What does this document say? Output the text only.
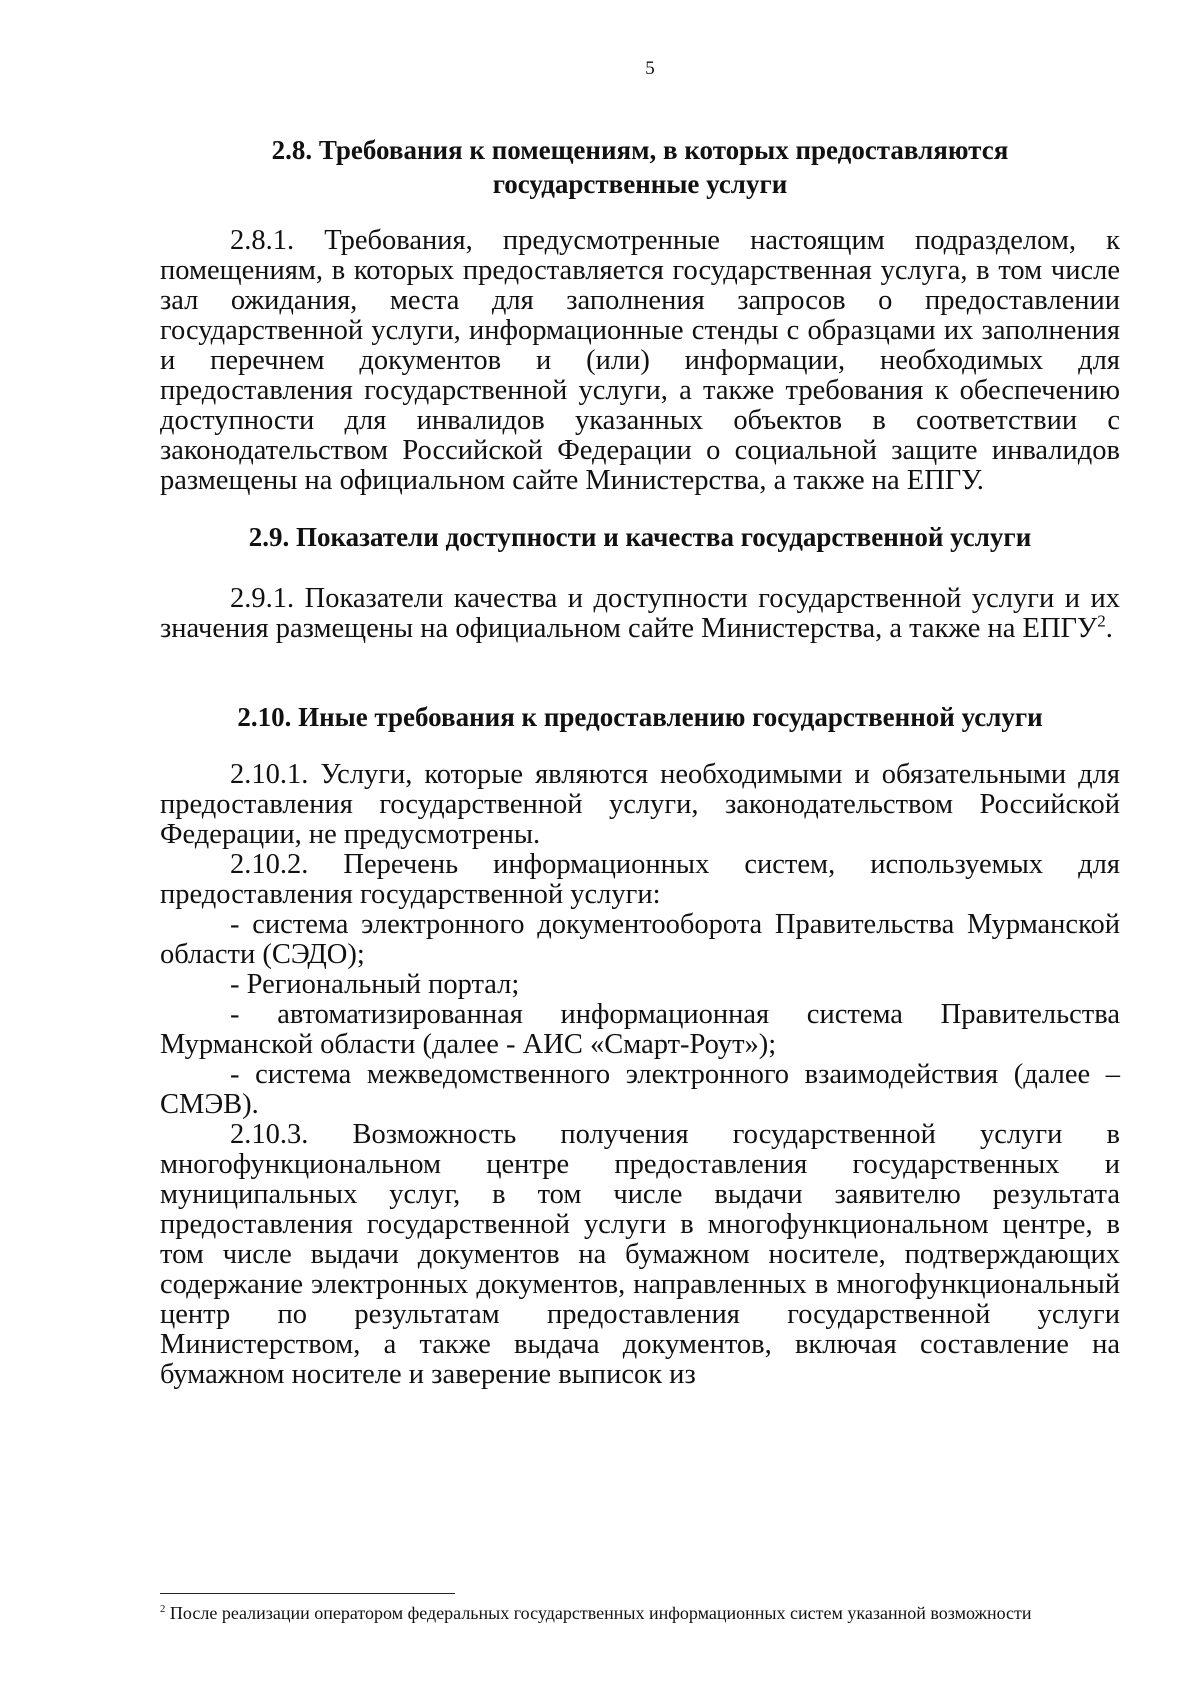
5
2.8. Требования к помещениям, в которых предоставляются
государственные услуги

2.8.1. Требования, предусмотренные настоящим подразделом, к помещениям, в которых предоставляется государственная услуга, в том числе зал ожидания, места для заполнения запросов о предоставлении государственной услуги, информационные стенды с образцами их заполнения и перечнем документов и (или) информации, необходимых для предоставления государственной услуги, а также требования к обеспечению доступности для инвалидов указанных объектов в соответствии с законодательством Российской Федерации о социальной защите инвалидов размещены на официальном сайте Министерства, а также на ЕПГУ.

2.9. Показатели доступности и качества государственной услуги

2.9.1. Показатели качества и доступности государственной услуги и их значения размещены на официальном сайте Министерства, а также на ЕПГУ$^2$.

2.10. Иные требования к предоставлению государственной услуги

2.10.1. Услуги, которые являются необходимыми и обязательными для предоставления государственной услуги, законодательством Российской Федерации, не предусмотрены.

2.10.2. Перечень информационных систем, используемых для предоставления государственной услуги:

- система электронного документооборота Правительства Мурманской области (СЭДО);

- Региональный портал;

- автоматизированная информационная система Правительства Мурманской области (далее - АИС «Смарт-Роут»);

- система межведомственного электронного взаимодействия (далее – СМЭВ).

2.10.3. Возможность получения государственной услуги в многофункциональном центре предоставления государственных и муниципальных услуг, в том числе выдачи заявителю результата предоставления государственной услуги в многофункциональном центре, в том числе выдачи документов на бумажном носителе, подтверждающих содержание электронных документов, направленных в многофункциональный центр по результатам предоставления государственной услуги Министерством, а также выдача документов, включая составление на бумажном носителе и заверение выписок из

$^2$ После реализации оператором федеральных государственных информационных систем указанной возможности
